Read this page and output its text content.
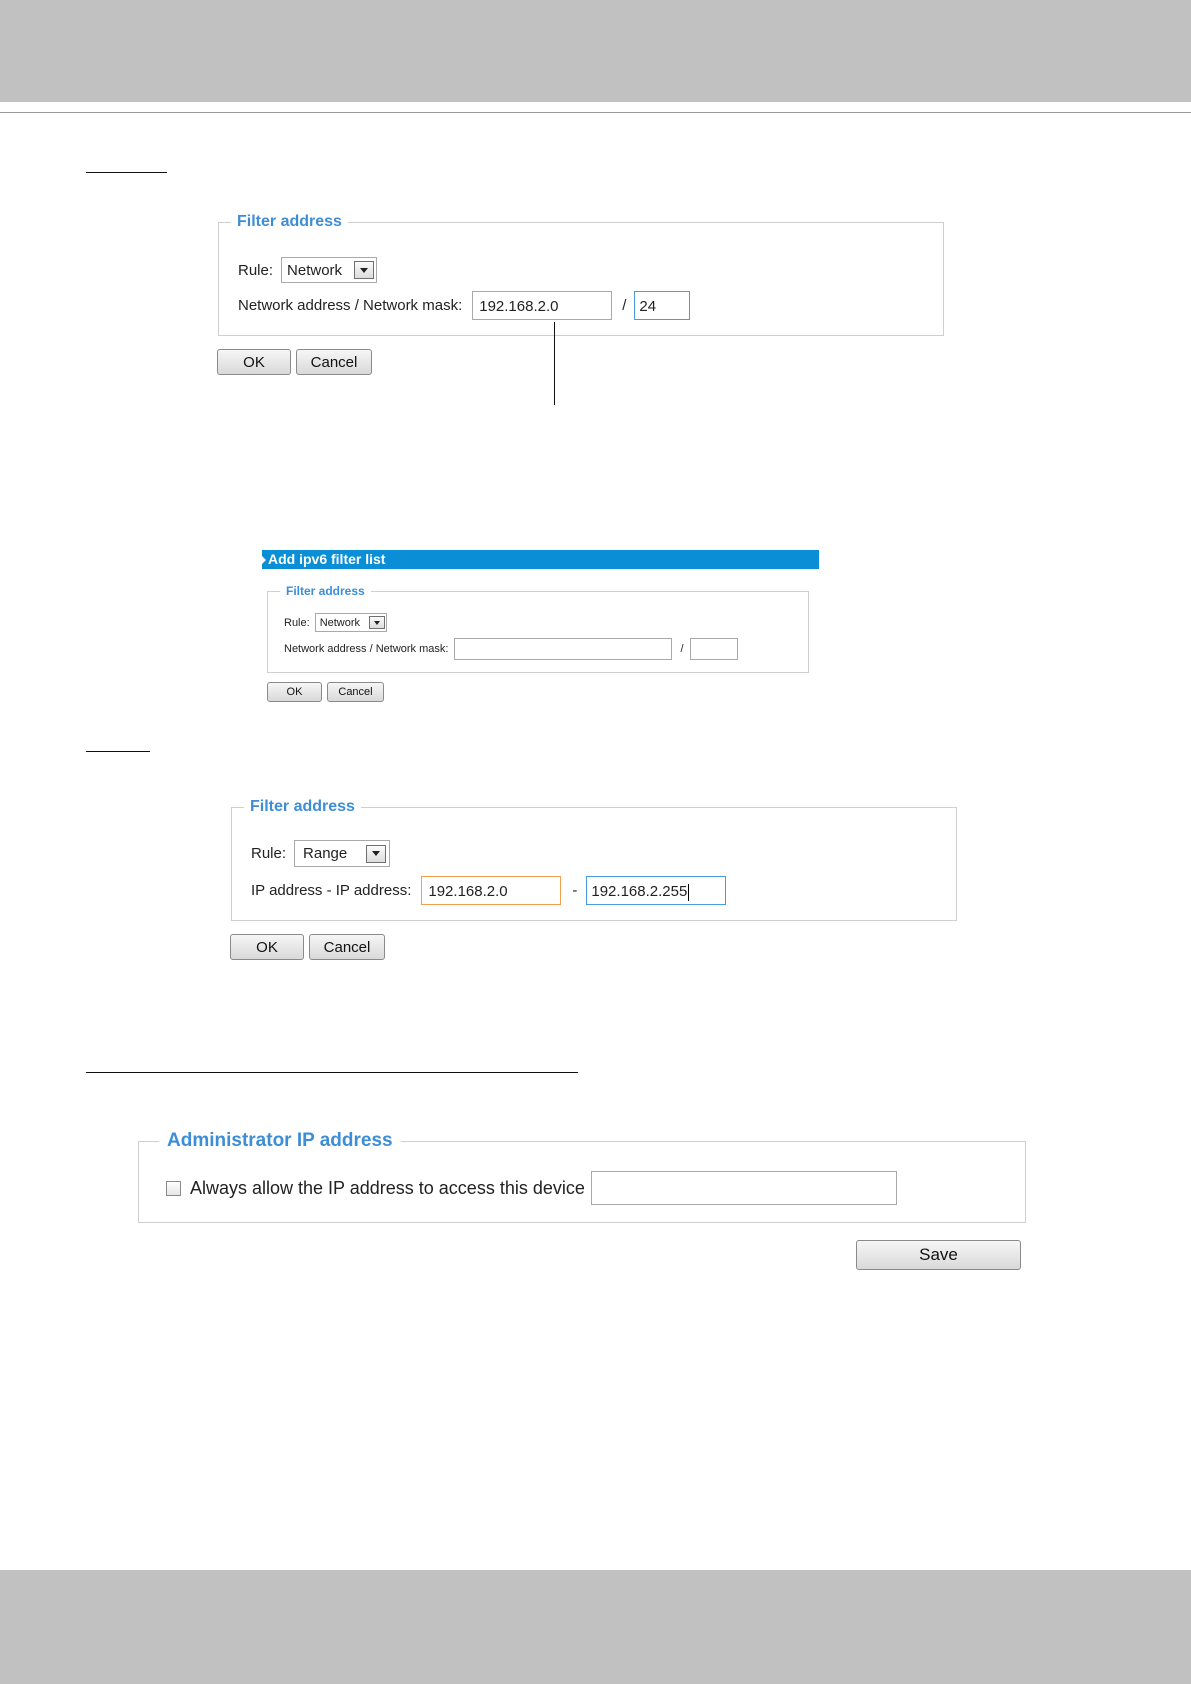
Filter address
Rule: Network
Network address / Network mask:	192.168.2.0	/ 24
OK	Cancel
Add ipv6 filter list
Filter address
Rule: Network
Network address / Network mask:	/
OK	Cancel
Filter address
Rule: Range
IP address - IP address:	192.168.2.0	- 192.168.2.255
OK	Cancel
Administrator IP address
Always allow the IP address to access this device
Save
